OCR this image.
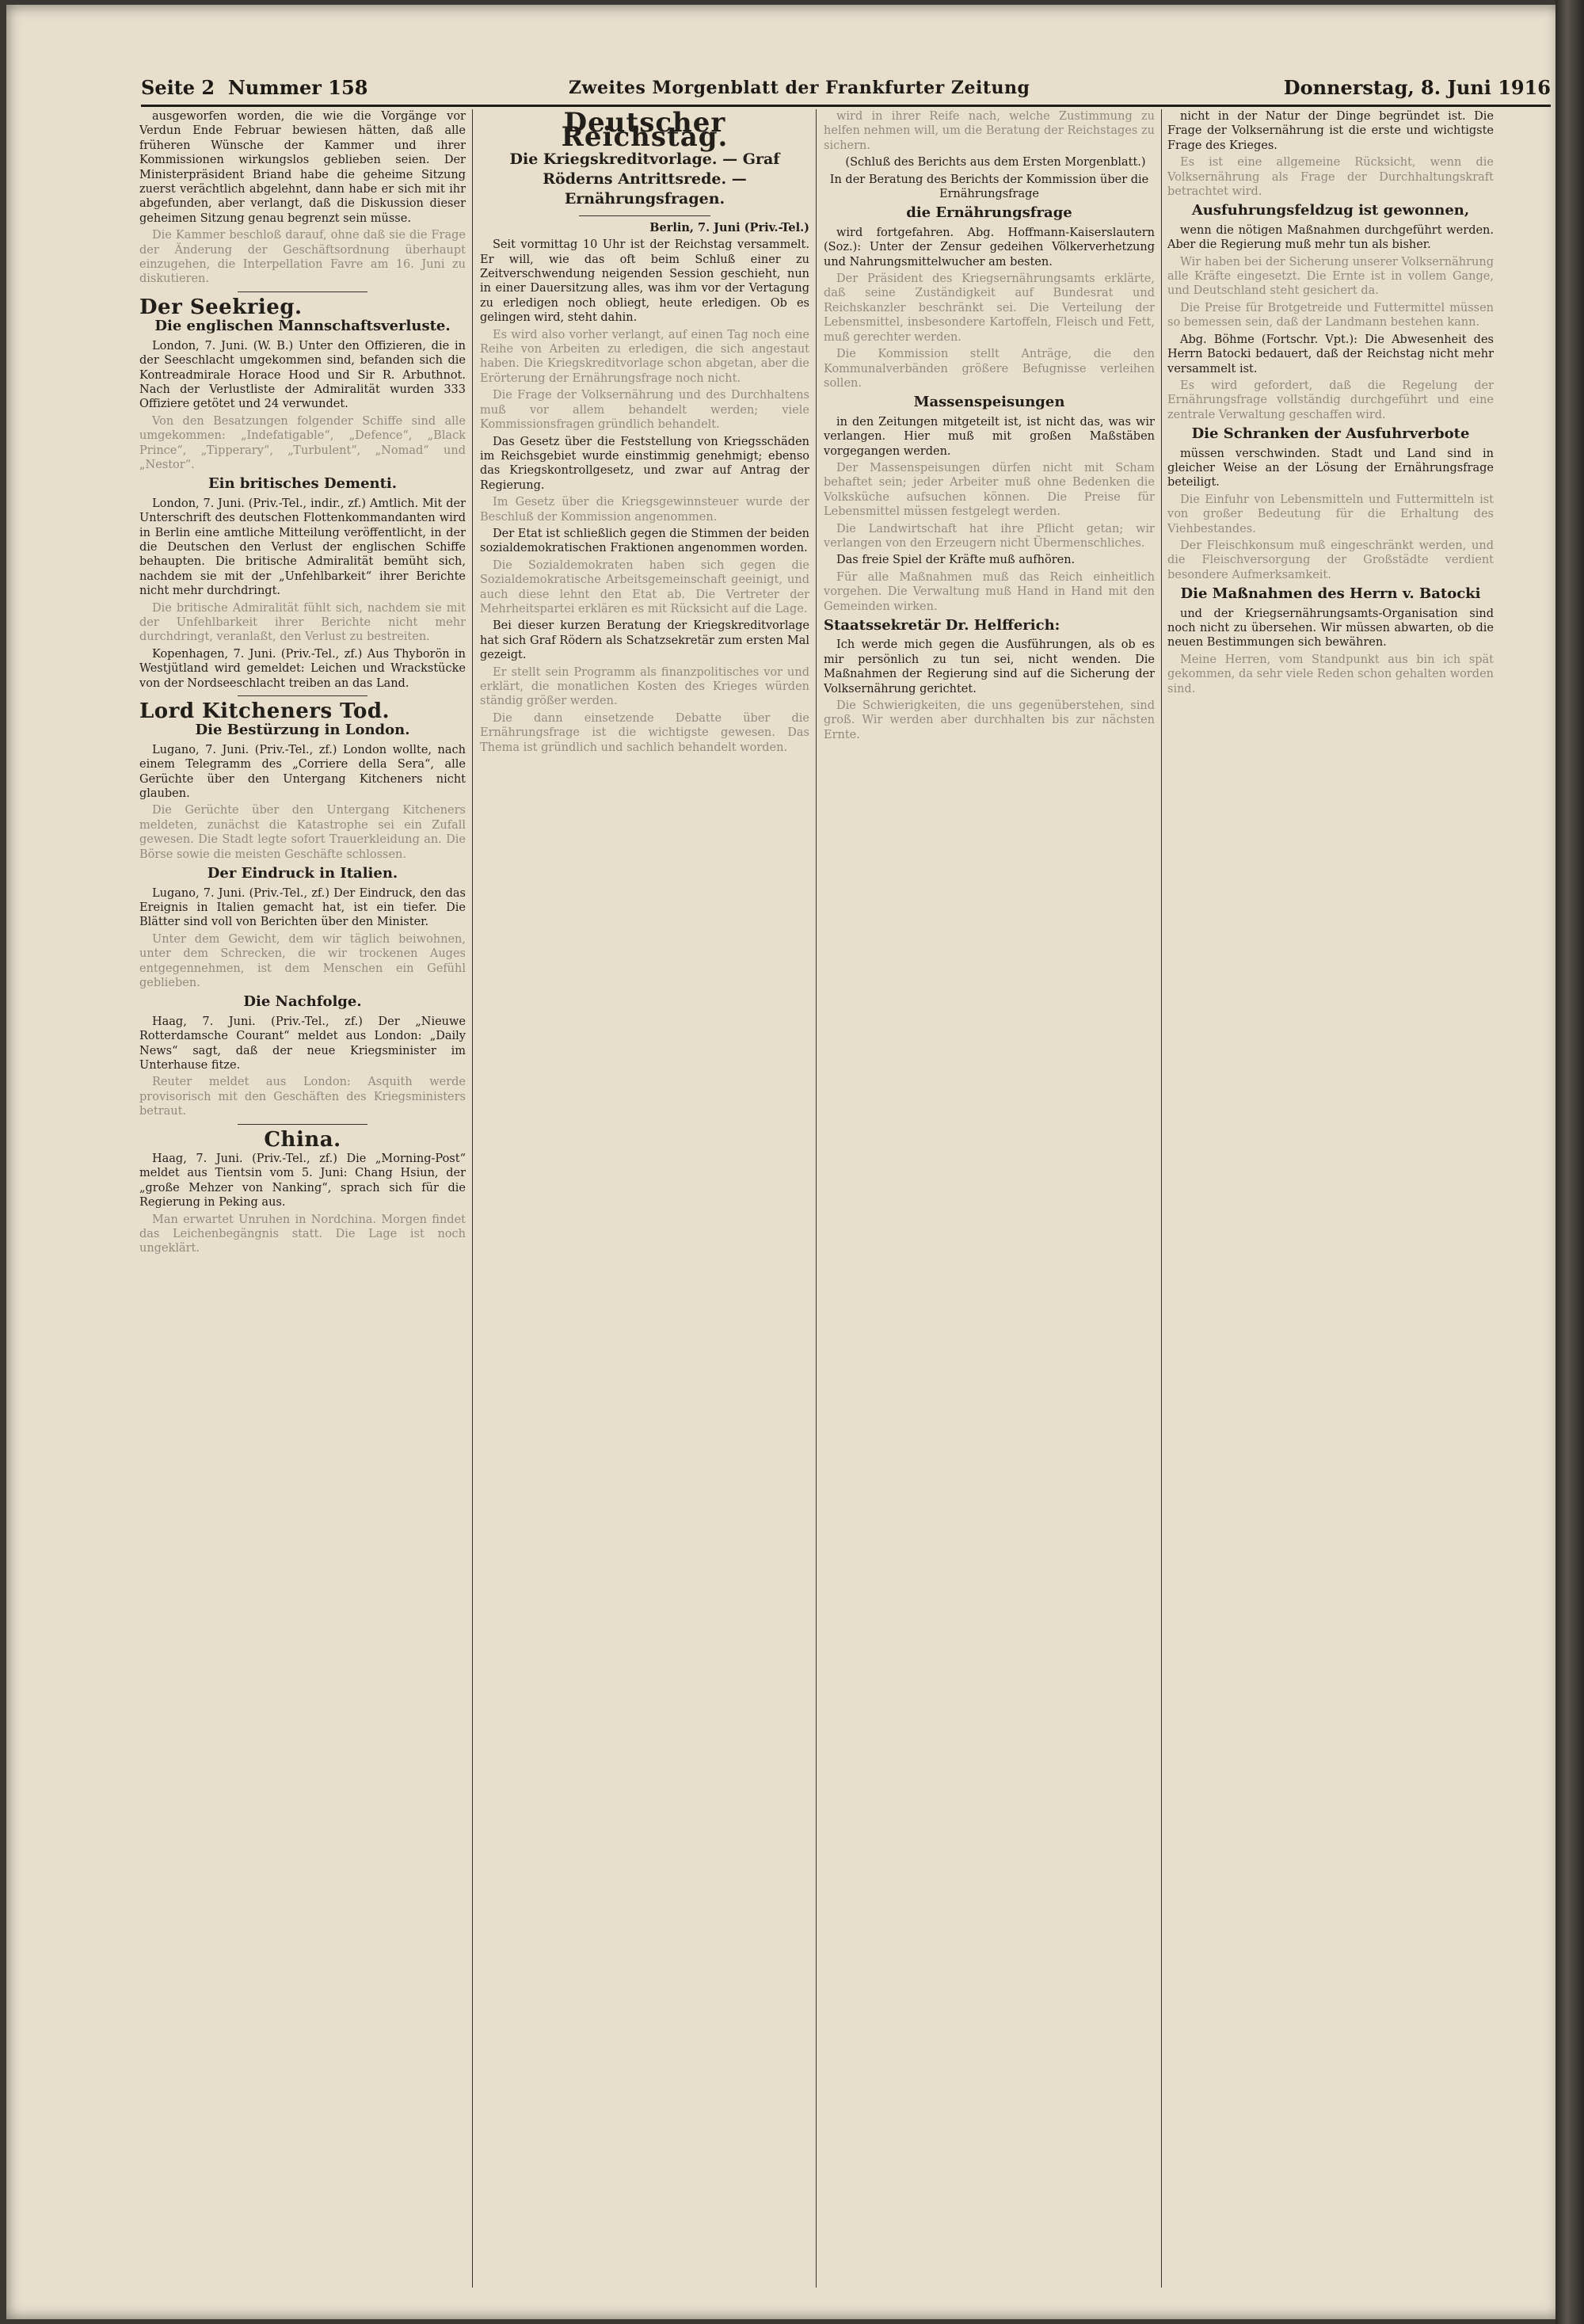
Seite 2 Nummer 158	Zweites Morgenblatt der Frankfurter Zeitung	Donnerstag, 8. Juni 1916

ausgeworfen worden, die wie die Vorgänge vor Verdun Ende Februar bewiesen hätten, daß alle früheren Wünsche der Kammer und ihrer Kommissionen wirkungslos geblieben seien. Der Ministerpräsident Briand habe die geheime Sitzung zuerst verächtlich abgelehnt, dann habe er sich mit ihr abgefunden, aber verlangt, daß die Diskussion dieser geheimen Sitzung genau begrenzt sein müsse.

Die Kammer beschloß darauf, ohne daß sie die Frage der Änderung der Geschäftsordnung überhaupt einzugehen, die Interpellation Favre am 16. Juni zu diskutieren.

Der Seekrieg.
Die englischen Mannschaftsverluste.

London, 7. Juni. (W. B.) Unter den Offizieren, die in der Seeschlacht umgekommen sind, befanden sich die Kontreadmirale Horace Hood und Sir R. Arbuthnot. Nach der Verlustliste der Admiralität wurden 333 Offiziere getötet und 24 verwundet.

Von den Besatzungen folgender Schiffe sind alle umgekommen: „Indefatigable“, „Defence“, „Black Prince“, „Tipperary“, „Turbulent“, „Nomad“ und „Nestor“.

Ein britisches Dementi.

London, 7. Juni. (Priv.-Tel., indir., zf.) Amtlich. Mit der Unterschrift des deutschen Flottenkommandanten wird in Berlin eine amtliche Mitteilung veröffentlicht, in der die Deutschen den Verlust der englischen Schiffe behaupten. Die britische Admiralität bemüht sich, nachdem sie mit der „Unfehlbarkeit“ ihrer Berichte nicht mehr durchdringt.

Die britische Admiralität fühlt sich, nachdem sie mit der Unfehlbarkeit ihrer Berichte nicht mehr durchdringt, veranlaßt, den Verlust zu bestreiten.

Kopenhagen, 7. Juni. (Priv.-Tel., zf.) Aus Thyborön in Westjütland wird gemeldet: Leichen und Wrackstücke von der Nordseeschlacht treiben an das Land.

Lord Kitcheners Tod.
Die Bestürzung in London.

Lugano, 7. Juni. (Priv.-Tel., zf.) London wollte, nach einem Telegramm des „Corriere della Sera“, alle Gerüchte über den Untergang Kitcheners nicht glauben.

Die Gerüchte über den Untergang Kitcheners meldeten, zunächst die Katastrophe sei ein Zufall gewesen. Die Stadt legte sofort Trauerkleidung an. Die Börse sowie die meisten Geschäfte schlossen.

Der Eindruck in Italien.

Lugano, 7. Juni. (Priv.-Tel., zf.) Der Eindruck, den das Ereignis in Italien gemacht hat, ist ein tiefer. Die Blätter sind voll von Berichten über den Minister.

Unter dem Gewicht, dem wir täglich beiwohnen, unter dem Schrecken, die wir trockenen Auges entgegennehmen, ist dem Menschen ein Gefühl geblieben.

Die Nachfolge.

Haag, 7. Juni. (Priv.-Tel., zf.) Der „Nieuwe Rotterdamsche Courant“ meldet aus London: „Daily News“ sagt, daß der neue Kriegsminister im Unterhause fitze.

Reuter meldet aus London: Asquith werde provisorisch mit den Geschäften des Kriegsministers betraut.

China.

Haag, 7. Juni. (Priv.-Tel., zf.) Die „Morning-Post“ meldet aus Tientsin vom 5. Juni: Chang Hsiun, der „große Mehzer von Nanking“, sprach sich für die Regierung in Peking aus.

Man erwartet Unruhen in Nordchina. Morgen findet das Leichenbegängnis statt. Die Lage ist noch ungeklärt.

Deutscher Reichstag.
Die Kriegskreditvorlage. — Graf Röderns Antrittsrede. — Ernährungsfragen.

Berlin, 7. Juni (Priv.-Tel.)

Seit vormittag 10 Uhr ist der Reichstag versammelt. Er will, wie das oft beim Schluß einer zu Zeitverschwendung neigenden Session geschieht, nun in einer Dauersitzung alles, was ihm vor der Vertagung zu erledigen noch obliegt, heute erledigen. Ob es gelingen wird, steht dahin.

Es wird also vorher verlangt, auf einen Tag noch eine Reihe von Arbeiten zu erledigen, die sich angestaut haben. Die Kriegskreditvorlage schon abgetan, aber die Erörterung der Ernährungsfrage noch nicht.

Die Frage der Volksernährung und des Durchhaltens muß vor allem behandelt werden; viele Kommissionsfragen gründlich behandelt.

Das Gesetz über die Feststellung von Kriegsschäden im Reichsgebiet wurde einstimmig genehmigt; ebenso das Kriegskontrollgesetz, und zwar auf Antrag der Regierung.

Im Gesetz über die Kriegsgewinnsteuer wurde der Beschluß der Kommission angenommen.

Der Etat ist schließlich gegen die Stimmen der beiden sozialdemokratischen Fraktionen angenommen worden.

Die Sozialdemokraten haben sich gegen die Sozialdemokratische Arbeitsgemeinschaft geeinigt, und auch diese lehnt den Etat ab. Die Vertreter der Mehrheitspartei erklären es mit Rücksicht auf die Lage.

Bei dieser kurzen Beratung der Kriegskreditvorlage hat sich Graf Rödern als Schatzsekretär zum ersten Mal gezeigt.

Er stellt sein Programm als finanzpolitisches vor und erklärt, die monatlichen Kosten des Krieges würden ständig größer werden.

Die dann einsetzende Debatte über die Ernährungsfrage ist die wichtigste gewesen. Das Thema ist gründlich und sachlich behandelt worden.

wird in ihrer Reife nach, welche Zustimmung zu helfen nehmen will, um die Beratung der Reichstages zu sichern.

(Schluß des Berichts aus dem Ersten Morgenblatt.)

In der Beratung des Berichts der Kommission über die Ernährungsfrage

die Ernährungsfrage

wird fortgefahren. Abg. Hoffmann-Kaiserslautern (Soz.): Unter der Zensur gedeihen Völkerverhetzung und Nahrungsmittelwucher am besten.

Der Präsident des Kriegsernährungsamts erklärte, daß seine Zuständigkeit auf Bundesrat und Reichskanzler beschränkt sei. Die Verteilung der Lebensmittel, insbesondere Kartoffeln, Fleisch und Fett, muß gerechter werden.

Die Kommission stellt Anträge, die den Kommunalverbänden größere Befugnisse verleihen sollen.

Massenspeisungen

in den Zeitungen mitgeteilt ist, ist nicht das, was wir verlangen. Hier muß mit großen Maßstäben vorgegangen werden.

Der Massenspeisungen dürfen nicht mit Scham behaftet sein; jeder Arbeiter muß ohne Bedenken die Volksküche aufsuchen können. Die Preise für Lebensmittel müssen festgelegt werden.

Die Landwirtschaft hat ihre Pflicht getan; wir verlangen von den Erzeugern nicht Übermenschliches.

Das freie Spiel der Kräfte muß aufhören.

Für alle Maßnahmen muß das Reich einheitlich vorgehen. Die Verwaltung muß Hand in Hand mit den Gemeinden wirken.

Staatssekretär Dr. Helfferich:

Ich werde mich gegen die Ausführungen, als ob es mir persönlich zu tun sei, nicht wenden. Die Maßnahmen der Regierung sind auf die Sicherung der Volksernährung gerichtet.

Die Schwierigkeiten, die uns gegenüberstehen, sind groß. Wir werden aber durchhalten bis zur nächsten Ernte.

nicht in der Natur der Dinge begründet ist. Die Frage der Volksernährung ist die erste und wichtigste Frage des Krieges.

Es ist eine allgemeine Rücksicht, wenn die Volksernährung als Frage der Durchhaltungskraft betrachtet wird.

Ausfuhrungsfeldzug ist gewonnen,

wenn die nötigen Maßnahmen durchgeführt werden. Aber die Regierung muß mehr tun als bisher.

Wir haben bei der Sicherung unserer Volksernährung alle Kräfte eingesetzt. Die Ernte ist in vollem Gange, und Deutschland steht gesichert da.

Die Preise für Brotgetreide und Futtermittel müssen so bemessen sein, daß der Landmann bestehen kann.

Abg. Böhme (Fortschr. Vpt.): Die Abwesenheit des Herrn Batocki bedauert, daß der Reichstag nicht mehr versammelt ist.

Es wird gefordert, daß die Regelung der Ernährungsfrage vollständig durchgeführt und eine zentrale Verwaltung geschaffen wird.

Die Schranken der Ausfuhrverbote

müssen verschwinden. Stadt und Land sind in gleicher Weise an der Lösung der Ernährungsfrage beteiligt.

Die Einfuhr von Lebensmitteln und Futtermitteln ist von großer Bedeutung für die Erhaltung des Viehbestandes.

Der Fleischkonsum muß eingeschränkt werden, und die Fleischversorgung der Großstädte verdient besondere Aufmerksamkeit.

Die Maßnahmen des Herrn v. Batocki

und der Kriegsernährungsamts-Organisation sind noch nicht zu übersehen. Wir müssen abwarten, ob die neuen Bestimmungen sich bewähren.

Meine Herren, vom Standpunkt aus bin ich spät gekommen, da sehr viele Reden schon gehalten worden sind.
